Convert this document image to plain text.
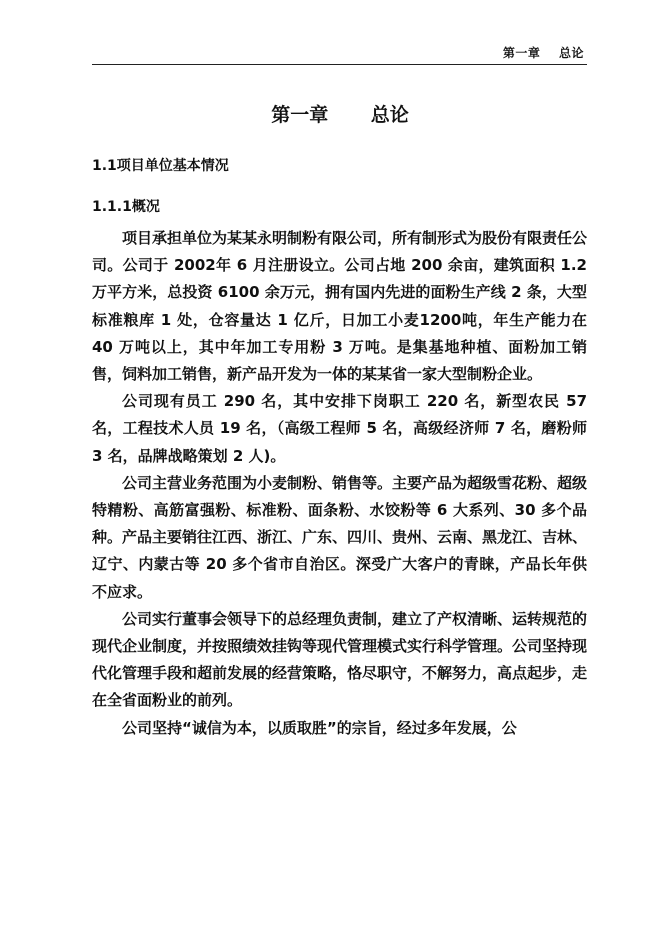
第一章 总论
第一章 总论
1.1项目单位基本情况
1.1.1概况

项目承担单位为某某永明制粉有限公司，所有制形式为股份有限责任公司。公司于 2002年 6 月注册设立。公司占地 200 余亩，建筑面积 1.2 万平方米，总投资 6100 余万元，拥有国内先进的面粉生产线 2 条，大型标准粮库 1 处，仓容量达 1 亿斤，日加工小麦1200吨，年生产能力在 40 万吨以上，其中年加工专用粉 3 万吨。是集基地种植、面粉加工销售，饲料加工销售，新产品开发为一体的某某省一家大型制粉企业。

公司现有员工 290 名，其中安排下岗职工 220 名，新型农民 57名，工程技术人员 19 名，（高级工程师 5 名，高级经济师 7 名，磨粉师 3 名，品牌战略策划 2 人)。

公司主营业务范围为小麦制粉、销售等。主要产品为超级雪花粉、超级特精粉、高筋富强粉、标准粉、面条粉、水饺粉等 6 大系列、30 多个品种。产品主要销往江西、浙江、广东、四川、贵州、云南、黑龙江、吉林、辽宁、内蒙古等 20 多个省市自治区。深受广大客户的青睐，产品长年供不应求。

公司实行董事会领导下的总经理负责制，建立了产权清晰、运转规范的现代企业制度，并按照绩效挂钩等现代管理模式实行科学管理。公司坚持现代化管理手段和超前发展的经营策略，恪尽职守，不解努力，高点起步，走在全省面粉业的前列。

公司坚持“诚信为本，以质取胜”的宗旨，经过多年发展，公
